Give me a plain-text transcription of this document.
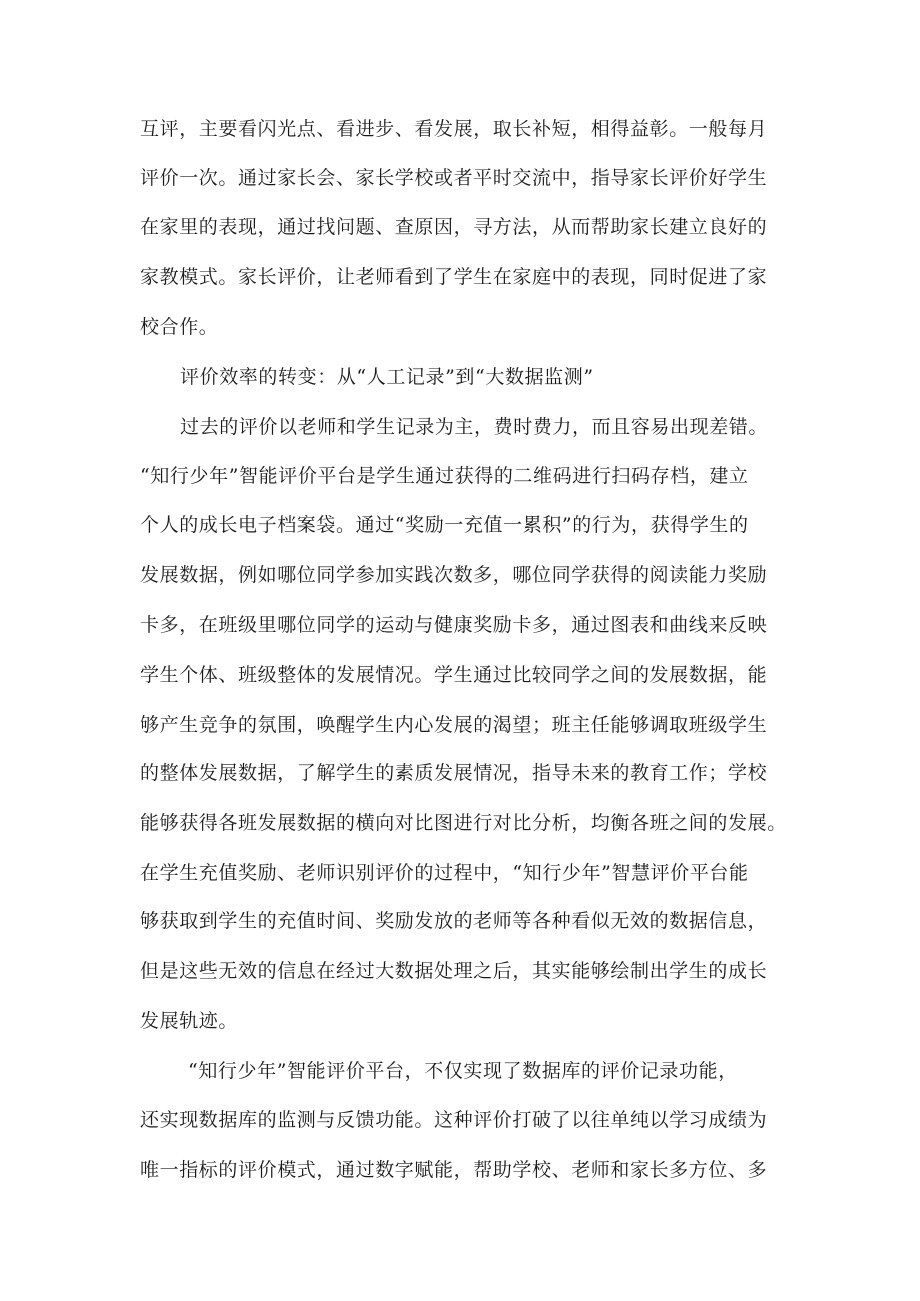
互评，主要看闪光点、看进步、看发展，取长补短，相得益彰。一般每月
评价一次。通过家长会、家长学校或者平时交流中，指导家长评价好学生
在家里的表现，通过找问题、查原因，寻方法，从而帮助家长建立良好的
家教模式。家长评价，让老师看到了学生在家庭中的表现，同时促进了家
校合作。
评价效率的转变：从“人工记录”到“大数据监测”
过去的评价以老师和学生记录为主，费时费力，而且容易出现差错。
“知行少年”智能评价平台是学生通过获得的二维码进行扫码存档，建立
个人的成长电子档案袋。通过“奖励一充值一累积”的行为，获得学生的
发展数据，例如哪位同学参加实践次数多，哪位同学获得的阅读能力奖励
卡多，在班级里哪位同学的运动与健康奖励卡多，通过图表和曲线来反映
学生个体、班级整体的发展情况。学生通过比较同学之间的发展数据，能
够产生竞争的氛围，唤醒学生内心发展的渴望；班主任能够调取班级学生
的整体发展数据，了解学生的素质发展情况，指导未来的教育工作；学校
能够获得各班发展数据的横向对比图进行对比分析，均衡各班之间的发展。
在学生充值奖励、老师识别评价的过程中，“知行少年”智慧评价平台能
够获取到学生的充值时间、奖励发放的老师等各种看似无效的数据信息，
但是这些无效的信息在经过大数据处理之后，其实能够绘制出学生的成长
发展轨迹。
“知行少年”智能评价平台，不仅实现了数据库的评价记录功能，
还实现数据库的监测与反馈功能。这种评价打破了以往单纯以学习成绩为
唯一指标的评价模式，通过数字赋能，帮助学校、老师和家长多方位、多
